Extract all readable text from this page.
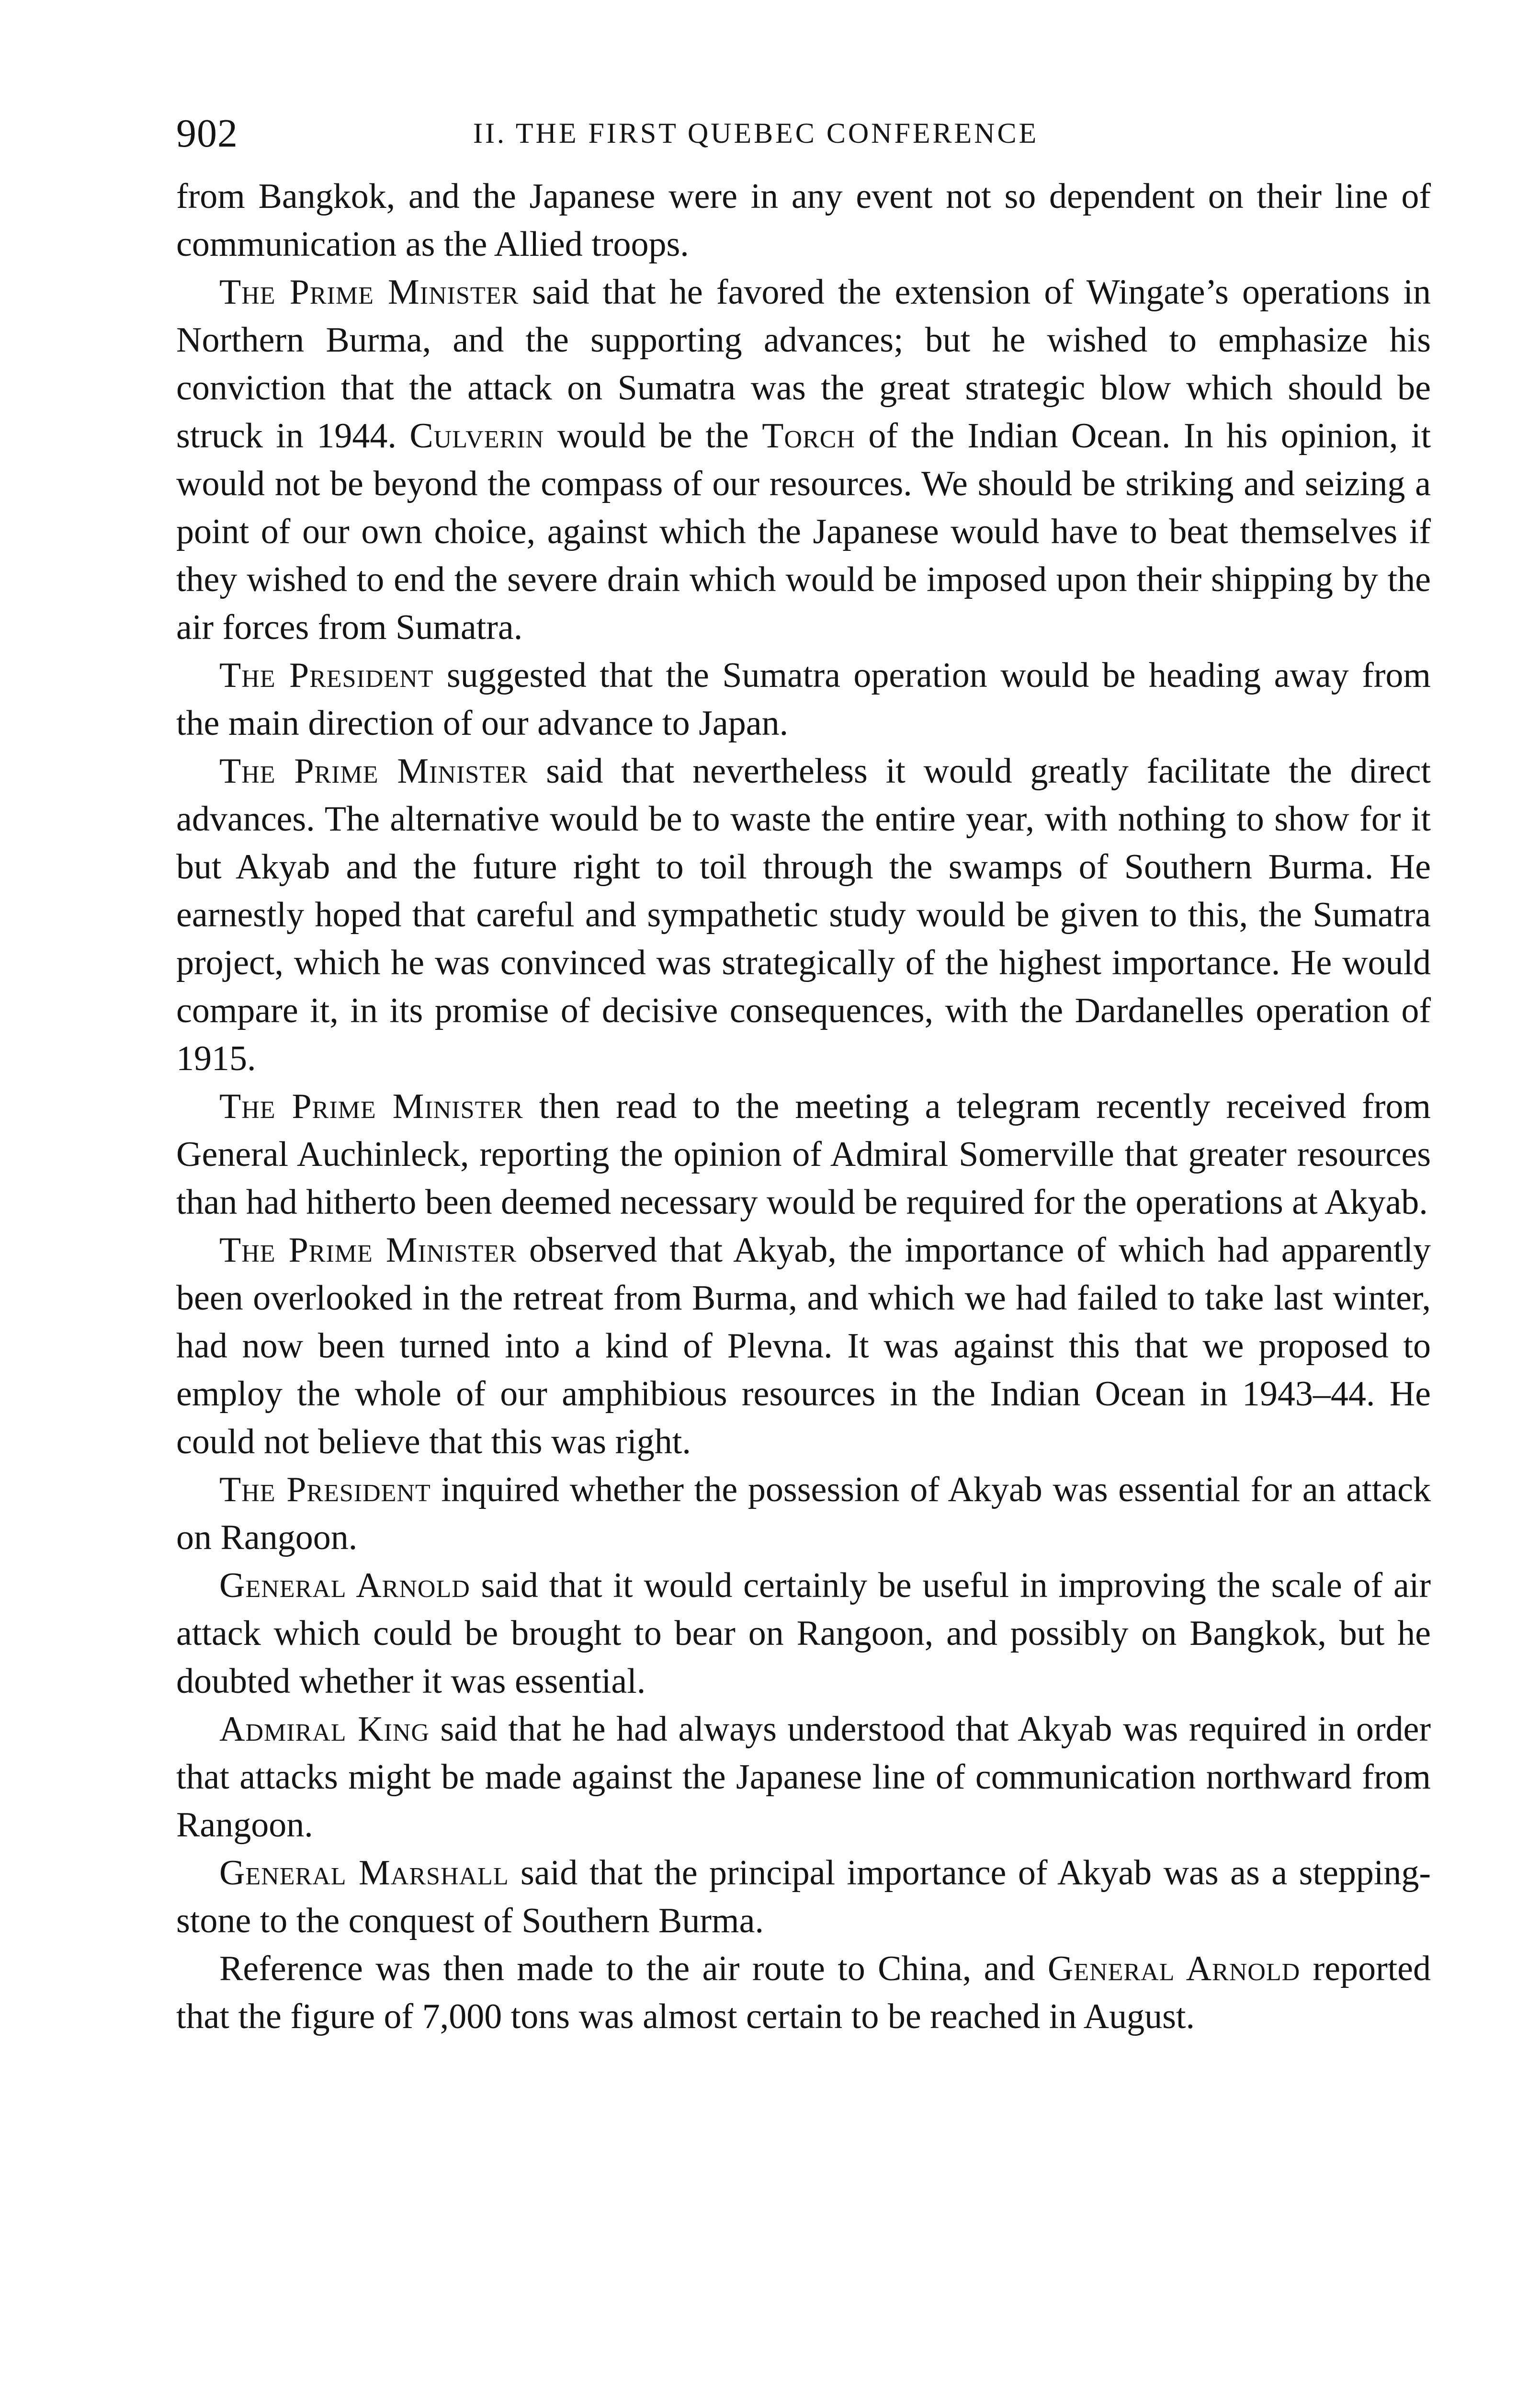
902	II. THE FIRST QUEBEC CONFERENCE

from Bangkok, and the Japanese were in any event not so dependent on their line of communication as the Allied troops.

The Prime Minister said that he favored the extension of Wingate’s operations in Northern Burma, and the supporting advances; but he wished to emphasize his conviction that the attack on Sumatra was the great strategic blow which should be struck in 1944. Culverin would be the Torch of the Indian Ocean. In his opinion, it would not be beyond the compass of our resources. We should be striking and seizing a point of our own choice, against which the Japanese would have to beat themselves if they wished to end the severe drain which would be imposed upon their shipping by the air forces from Sumatra.

The President suggested that the Sumatra operation would be heading away from the main direction of our advance to Japan.

The Prime Minister said that nevertheless it would greatly facilitate the direct advances. The alternative would be to waste the entire year, with nothing to show for it but Akyab and the future right to toil through the swamps of Southern Burma. He earnestly hoped that careful and sympathetic study would be given to this, the Sumatra project, which he was convinced was strategically of the highest importance. He would compare it, in its promise of decisive consequences, with the Dardanelles operation of 1915.

The Prime Minister then read to the meeting a telegram recently received from General Auchinleck, reporting the opinion of Admiral Somerville that greater resources than had hitherto been deemed necessary would be required for the operations at Akyab.

The Prime Minister observed that Akyab, the importance of which had apparently been overlooked in the retreat from Burma, and which we had failed to take last winter, had now been turned into a kind of Plevna. It was against this that we proposed to employ the whole of our amphibious resources in the Indian Ocean in 1943–44. He could not believe that this was right.

The President inquired whether the possession of Akyab was essential for an attack on Rangoon.

General Arnold said that it would certainly be useful in improving the scale of air attack which could be brought to bear on Rangoon, and possibly on Bangkok, but he doubted whether it was essential.

Admiral King said that he had always understood that Akyab was required in order that attacks might be made against the Japanese line of communication northward from Rangoon.

General Marshall said that the principal importance of Akyab was as a stepping-stone to the conquest of Southern Burma.

Reference was then made to the air route to China, and General Arnold reported that the figure of 7,000 tons was almost certain to be reached in August.
